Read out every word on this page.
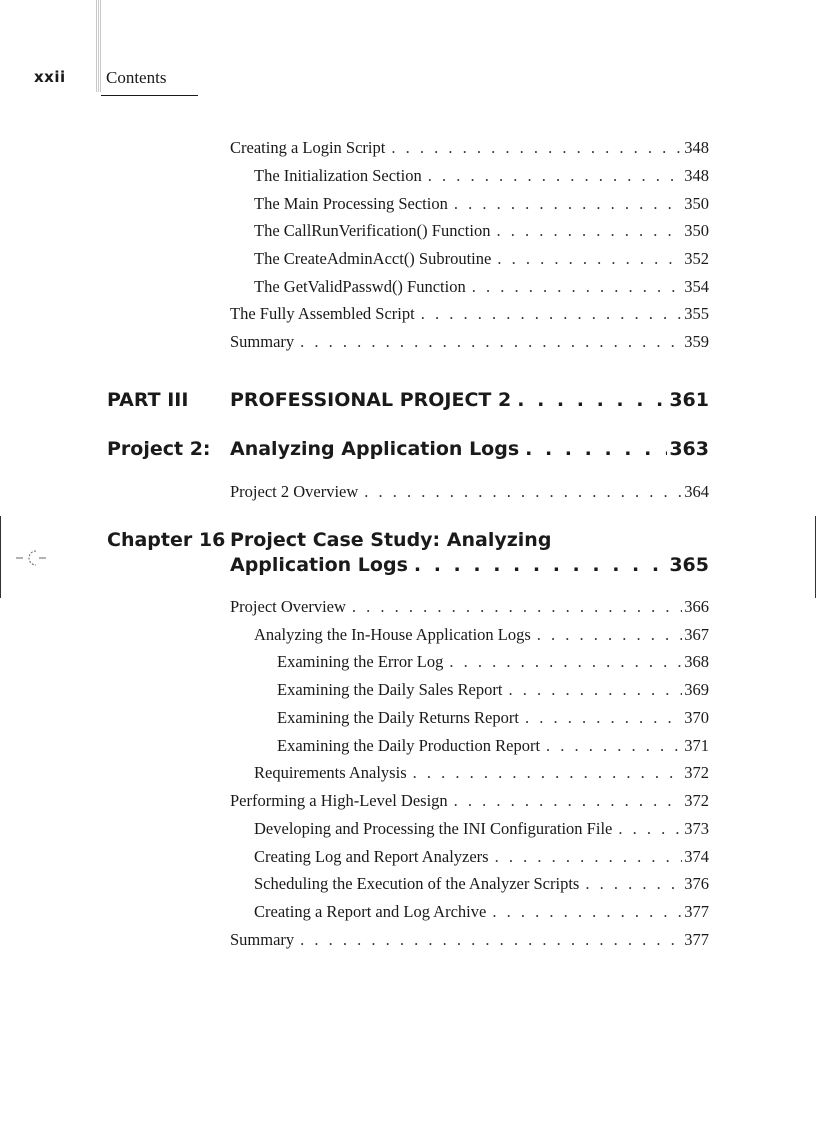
xxii Contents
Creating a Login Script . . .	348
The Initialization Section . . .	348
The Main Processing Section . . .	350
The CallRunVerification() Function . . .	350
The CreateAdminAcct() Subroutine . . .	352
The GetValidPasswd() Function . . .	354
The Fully Assembled Script . . .	355
Summary . . .	359
PART III PROFESSIONAL PROJECT 2 . . .	361
Project 2: Analyzing Application Logs . . .	363
Project 2 Overview . . .	364
Chapter 16 Project Case Study: Analyzing
Application Logs . . .	365
Project Overview . . .	366
Analyzing the In-House Application Logs . . .	367
Examining the Error Log . . .	368
Examining the Daily Sales Report . . .	369
Examining the Daily Returns Report . . .	370
Examining the Daily Production Report . . .	371
Requirements Analysis . . .	372
Performing a High-Level Design . . .	372
Developing and Processing the INI Configuration File . . .	373
Creating Log and Report Analyzers . . .	374
Scheduling the Execution of the Analyzer Scripts . . .	376
Creating a Report and Log Archive . . .	377
Summary . . .	377
